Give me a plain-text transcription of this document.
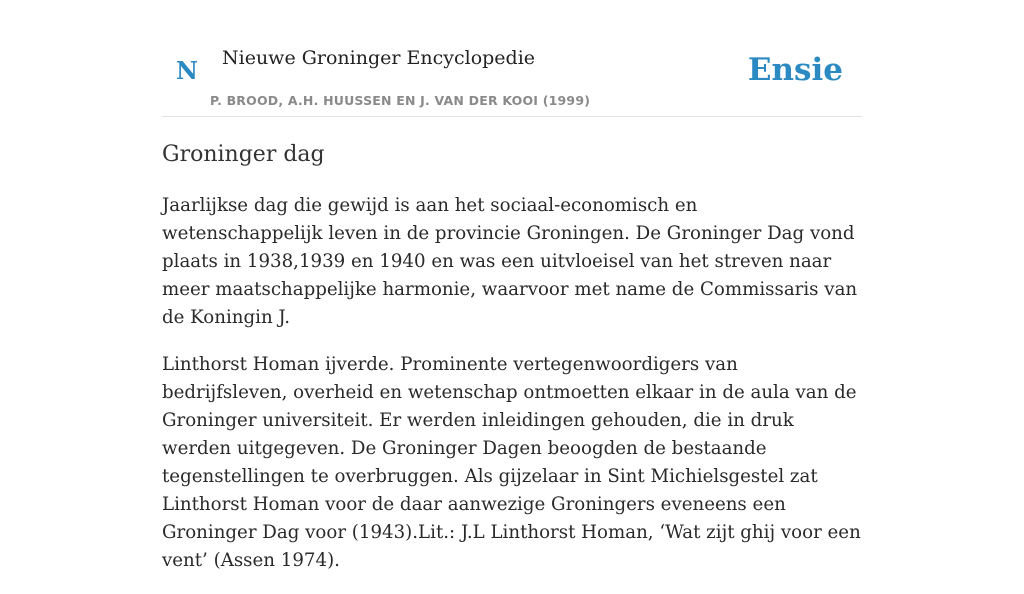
N Nieuwe Groninger Encyclopedie
P. BROOD, A.H. HUUSSEN EN J. VAN DER KOOI (1999)
Ensie
Groninger dag

Jaarlijkse dag die gewijd is aan het sociaal-economisch en wetenschappelijk leven in de provincie Groningen. De Groninger Dag vond plaats in 1938,1939 en 1940 en was een uitvloeisel van het streven naar meer maatschappelijke harmonie, waarvoor met name de Commissaris van de Koningin J.

Linthorst Homan ijverde. Prominente vertegenwoordigers van bedrijfsleven, overheid en wetenschap ontmoetten elkaar in de aula van de Groninger universiteit. Er werden inleidingen gehouden, die in druk werden uitgegeven. De Groninger Dagen beoogden de bestaande tegenstellingen te overbruggen. Als gijzelaar in Sint Michielsgestel zat Linthorst Homan voor de daar aanwezige Groningers eveneens een Groninger Dag voor (1943).Lit.: J.L Linthorst Homan, ‘Wat zijt ghij voor een vent’ (Assen 1974).
